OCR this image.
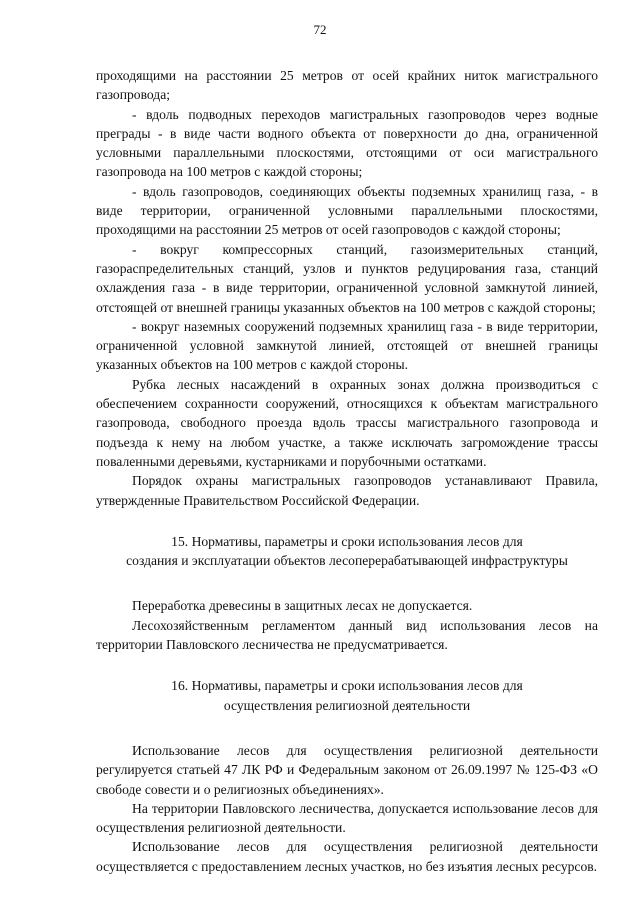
72

проходящими на расстоянии 25 метров от осей крайних ниток магистрального газопровода;

- вдоль подводных переходов магистральных газопроводов через водные преграды - в виде части водного объекта от поверхности до дна, ограниченной условными параллельными плоскостями, отстоящими от оси магистрального газопровода на 100 метров с каждой стороны;

- вдоль газопроводов, соединяющих объекты подземных хранилищ газа, - в виде территории, ограниченной условными параллельными плоскостями, проходящими на расстоянии 25 метров от осей газопроводов с каждой стороны;

- вокруг компрессорных станций, газоизмерительных станций, газораспределительных станций, узлов и пунктов редуцирования газа, станций охлаждения газа - в виде территории, ограниченной условной замкнутой линией, отстоящей от внешней границы указанных объектов на 100 метров с каждой стороны;

- вокруг наземных сооружений подземных хранилищ газа - в виде территории, ограниченной условной замкнутой линией, отстоящей от внешней границы указанных объектов на 100 метров с каждой стороны.

Рубка лесных насаждений в охранных зонах должна производиться с обеспечением сохранности сооружений, относящихся к объектам магистрального газопровода, свободного проезда вдоль трассы магистрального газопровода и подъезда к нему на любом участке, а также исключать загромождение трассы поваленными деревьями, кустарниками и порубочными остатками.

Порядок охраны магистральных газопроводов устанавливают Правила, утвержденные Правительством Российской Федерации.

15. Нормативы, параметры и сроки использования лесов для
создания и эксплуатации объектов лесоперерабатывающей инфраструктуры

Переработка древесины в защитных лесах не допускается.

Лесохозяйственным регламентом данный вид использования лесов на территории Павловского лесничества не предусматривается.

16. Нормативы, параметры и сроки использования лесов для
осуществления религиозной деятельности

Использование лесов для осуществления религиозной деятельности регулируется статьей 47 ЛК РФ и Федеральным законом от 26.09.1997 № 125-ФЗ «О свободе совести и о религиозных объединениях».

На территории Павловского лесничества, допускается использование лесов для осуществления религиозной деятельности.

Использование лесов для осуществления религиозной деятельности осуществляется с предоставлением лесных участков, но без изъятия лесных ресурсов.
